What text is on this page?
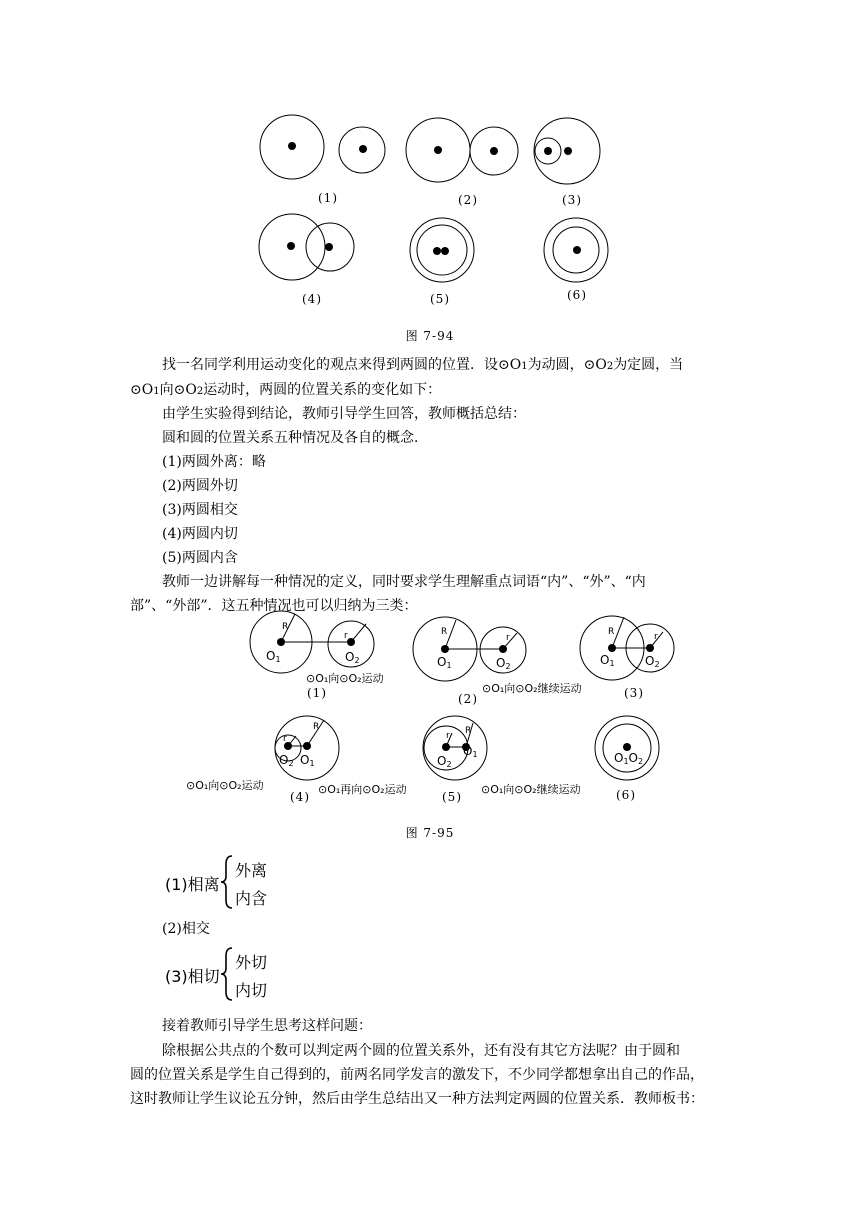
(1)	(2)	(3)
(4)	(5)	(6)
图 7-94
找一名同学利用运动变化的观点来得到两圆的位置．设⊙O1为动圆，⊙O2为定圆，当
⊙O1向⊙O2运动时，两圆的位置关系的变化如下：
由学生实验得到结论，教师引导学生回答，教师概括总结：
圆和圆的位置关系五种情况及各自的概念．
(1)两圆外离：略
(2)两圆外切
(3)两圆相交
(4)两圆内切
(5)两圆内含
教师一边讲解每一种情况的定义，同时要求学生理解重点词语“内”、“外”、“内
部”、“外部”．这五种情况也可以归纳为三类：
R
r
O1	O2
R
r
O1	O2
R	r
O1	O2
R
r
O2 O1
R
r
O2
O1	O1O2
(1)	(2)	(3)
(4)	(5)	(6)
⊙O₁向⊙O₂运动
⊙O₁向⊙O₂继续运动
⊙O₁向⊙O₂运动	⊙O₁再向⊙O₂运动	⊙O₁向⊙O₂继续运动
图 7-95
(1)相离
外离
内含
(2)相交
(3)相切
外切
内切
接着教师引导学生思考这样问题：
除根据公共点的个数可以判定两个圆的位置关系外，还有没有其它方法呢？由于圆和
圆的位置关系是学生自己得到的，前两名同学发言的激发下，不少同学都想拿出自己的作品，
这时教师让学生议论五分钟，然后由学生总结出又一种方法判定两圆的位置关系．教师板书：
